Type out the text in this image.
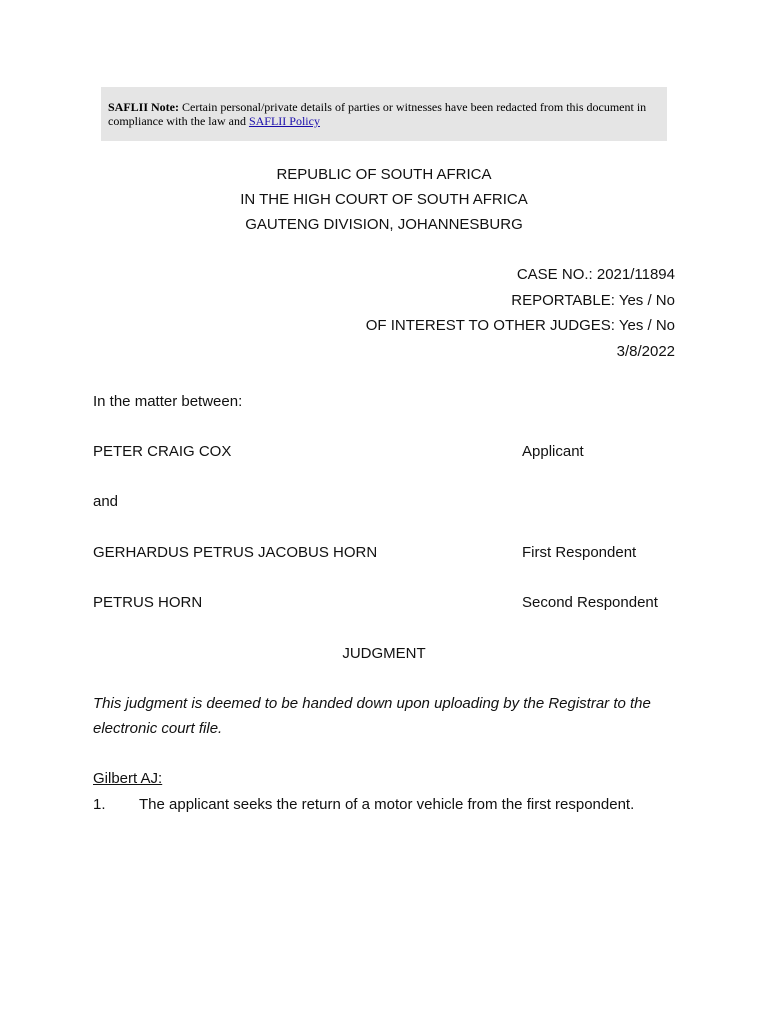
SAFLII Note: Certain personal/private details of parties or witnesses have been redacted from this document in compliance with the law and SAFLII Policy
REPUBLIC OF SOUTH AFRICA
IN THE HIGH COURT OF SOUTH AFRICA
GAUTENG DIVISION, JOHANNESBURG
CASE NO.: 2021/11894
REPORTABLE: Yes / No
OF INTEREST TO OTHER JUDGES: Yes / No
3/8/2022
In the matter between:
PETER CRAIG COX	Applicant
and
GERHARDUS PETRUS JACOBUS HORN	First Respondent
PETRUS HORN	Second Respondent
JUDGMENT
This judgment is deemed to be handed down upon uploading by the Registrar to the
electronic court file.
Gilbert AJ:
1. The applicant seeks the return of a motor vehicle from the first respondent.
